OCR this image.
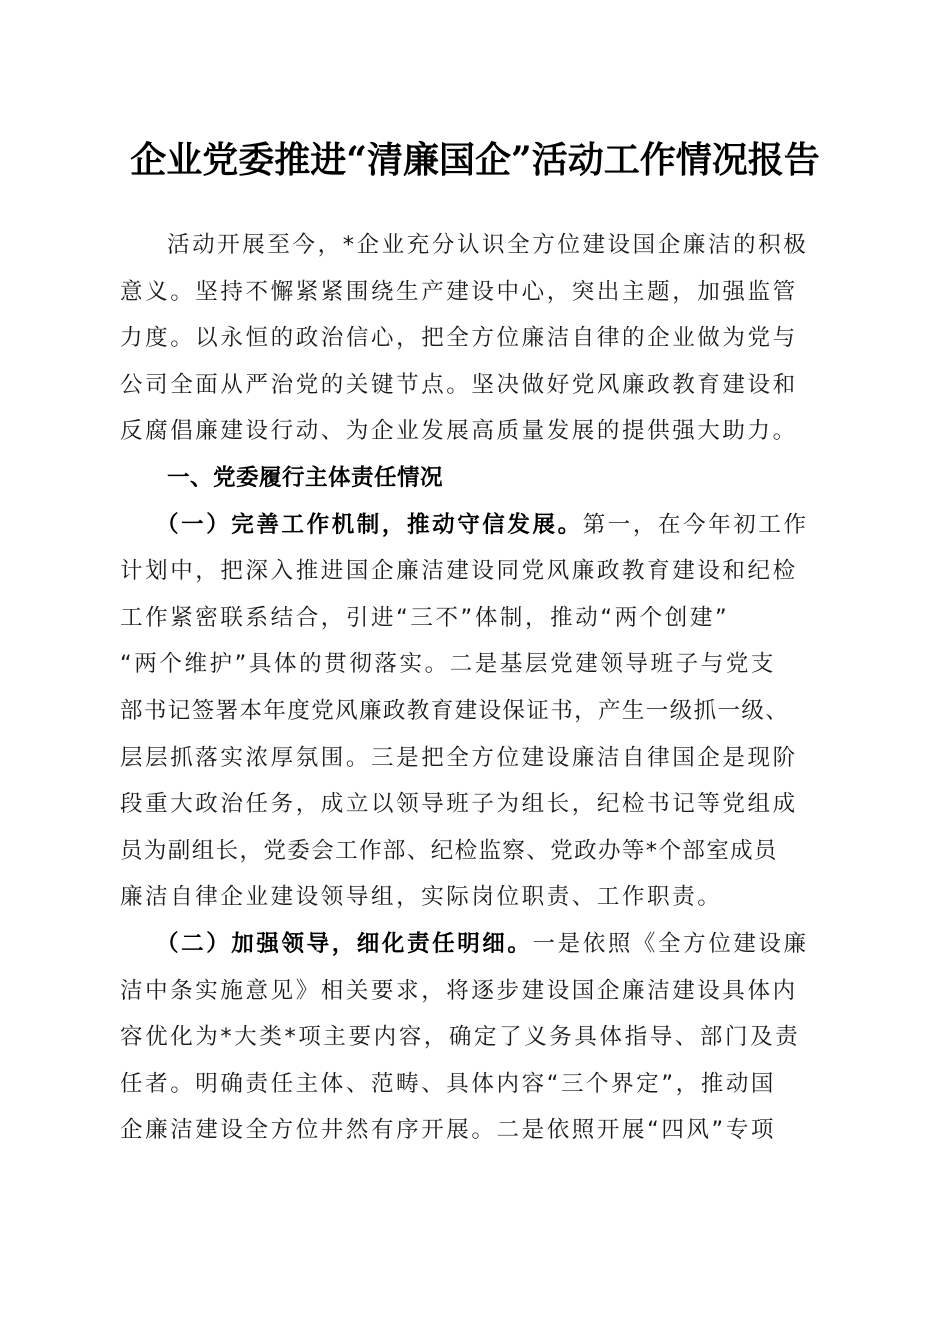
企业党委推进“清廉国企”活动工作情况报告
活动开展至今，*企业充分认识全方位建设国企廉洁的积极
意义。坚持不懈紧紧围绕生产建设中心，突出主题，加强监管
力度。以永恒的政治信心，把全方位廉洁自律的企业做为党与
公司全面从严治党的关键节点。坚决做好党风廉政教育建设和
反腐倡廉建设行动、为企业发展高质量发展的提供强大助力。
一、党委履行主体责任情况
（一）完善工作机制，推动守信发展。第一，在今年初工作
计划中，把深入推进国企廉洁建设同党风廉政教育建设和纪检
工作紧密联系结合，引进“三不”体制，推动“两个创建”
“两个维护”具体的贯彻落实。二是基层党建领导班子与党支
部书记签署本年度党风廉政教育建设保证书，产生一级抓一级、
层层抓落实浓厚氛围。三是把全方位建设廉洁自律国企是现阶
段重大政治任务，成立以领导班子为组长，纪检书记等党组成
员为副组长，党委会工作部、纪检监察、党政办等*个部室成员
廉洁自律企业建设领导组，实际岗位职责、工作职责。
（二）加强领导，细化责任明细。一是依照《全方位建设廉
洁中条实施意见》相关要求，将逐步建设国企廉洁建设具体内
容优化为*大类*项主要内容，确定了义务具体指导、部门及责
任者。明确责任主体、范畴、具体内容“三个界定”，推动国
企廉洁建设全方位井然有序开展。二是依照开展“四风”专项
